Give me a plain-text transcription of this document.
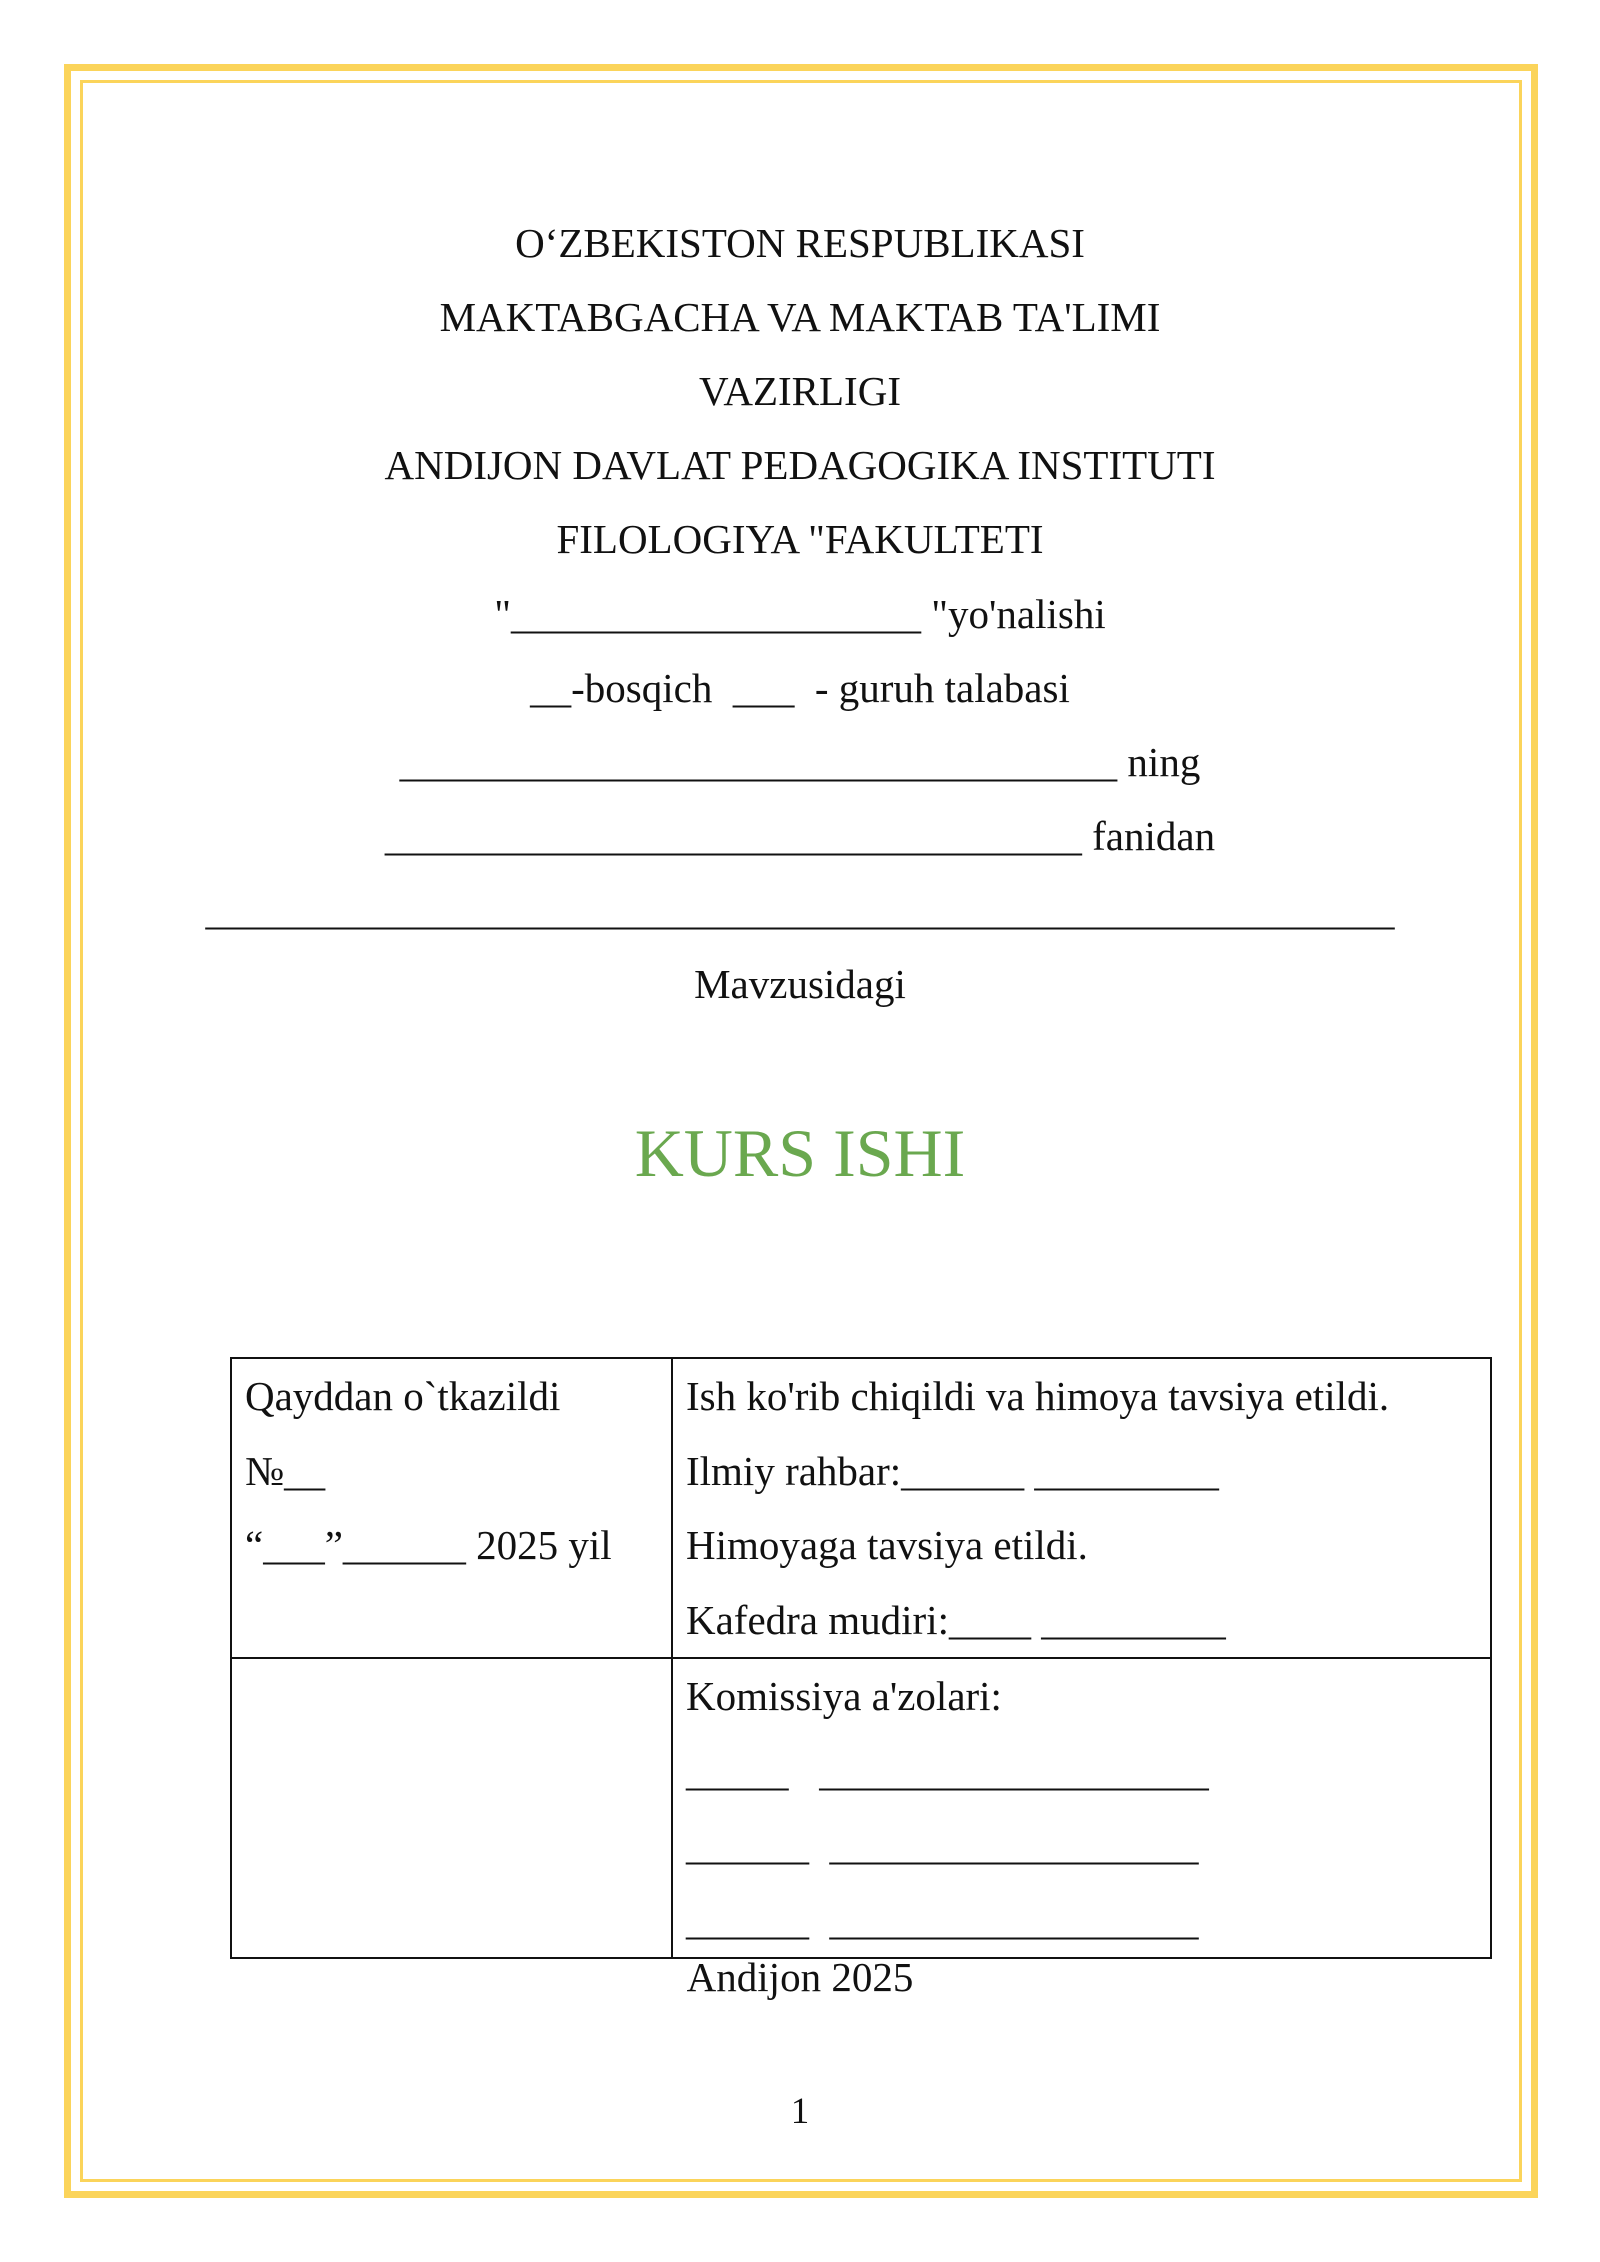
O‘ZBEKISTON RESPUBLIKASI
MAKTABGACHA VA MAKTAB TA'LIMI
VAZIRLIGI
ANDIJON DAVLAT PEDAGOGIKA INSTITUTI
FILOLOGIYA "FAKULTETI
"____________________ "yo'nalishi
__-bosqich  ___  - guruh talabasi
___________________________________ ning
__________________________________ fanidan
__________________________________________________________
Mavzusidagi
KURS ISHI
Qayddan o`tkazildi
№__
“___”______ 2025 yil	Ish ko'rib chiqildi va himoya tavsiya etildi.
Ilmiy rahbar:______ _________
Himoyaga tavsiya etildi.
Kafedra mudiri:____ _________

	Komissiya a'zolari:
_____   ___________________
______  __________________
______  __________________
Andijon 2025
1
